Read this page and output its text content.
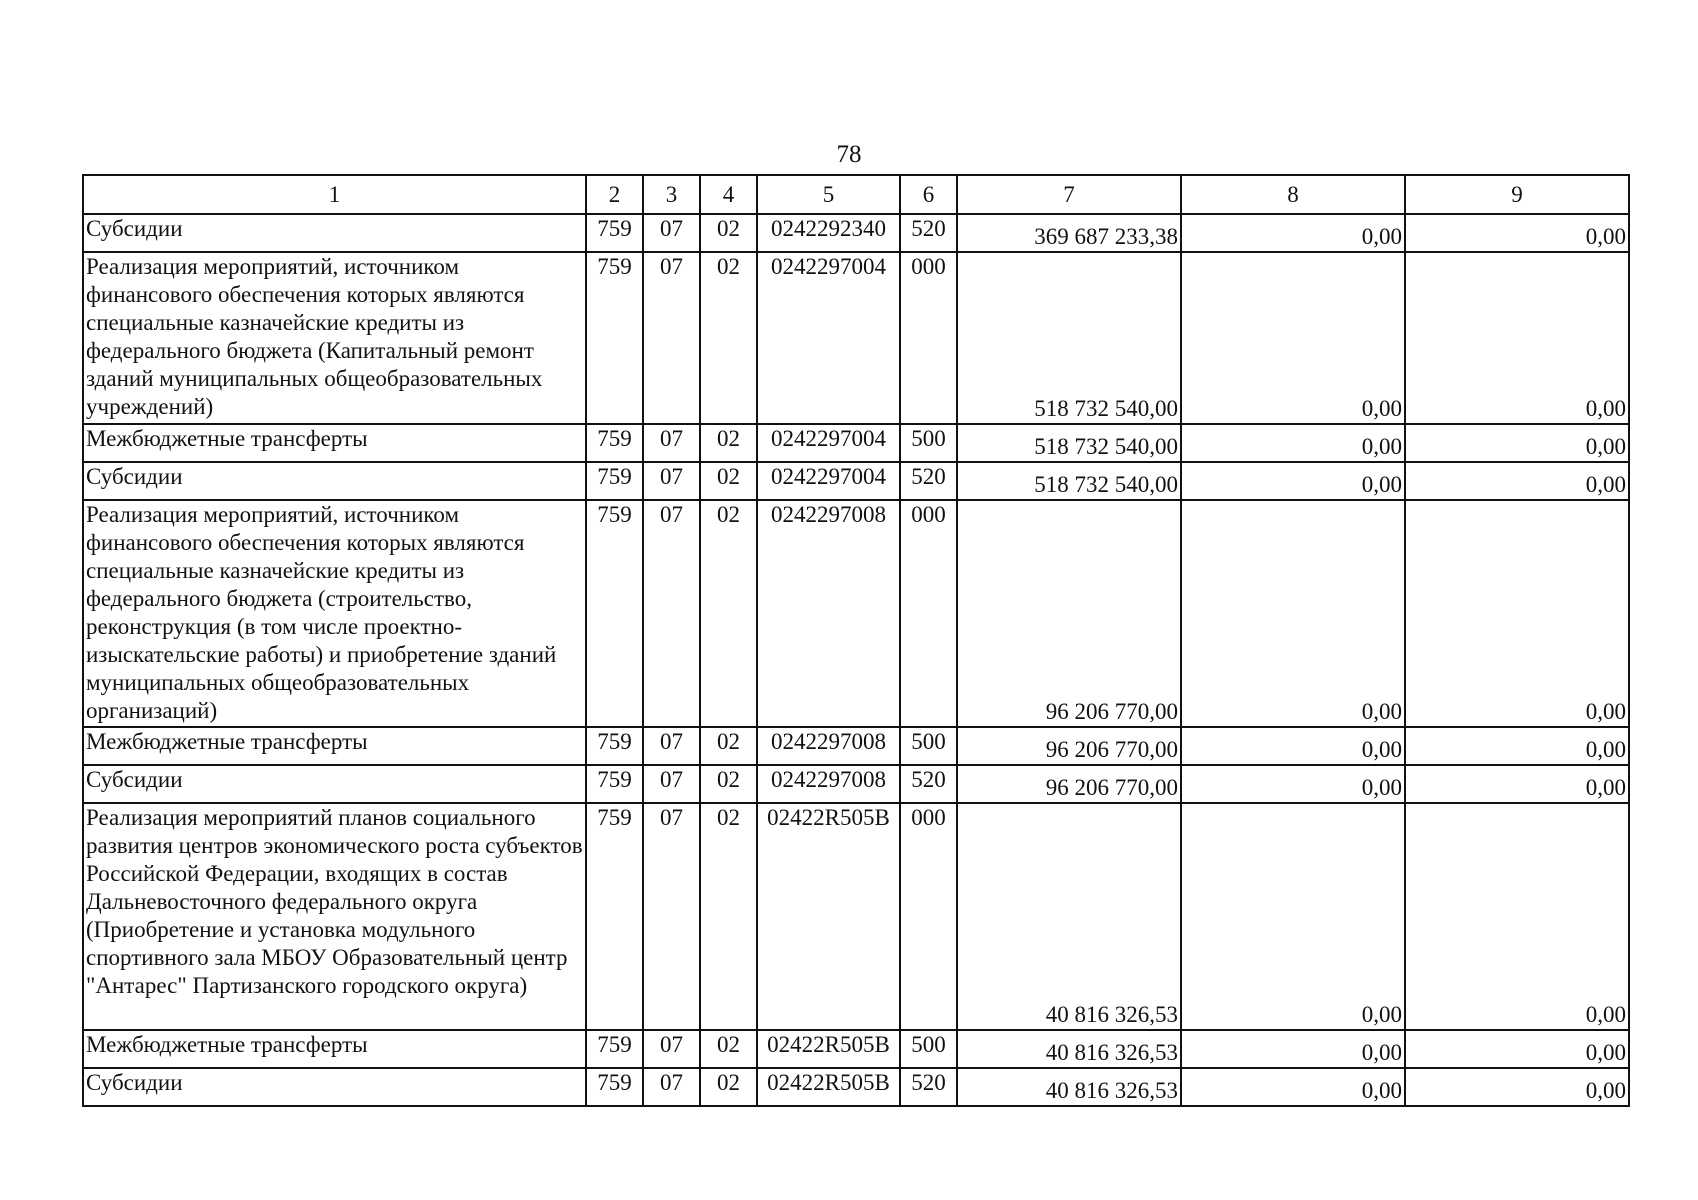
78
1	2	3	4	5	6	7	8	9
Субсидии	759	07	02	0242292340	520	369 687 233,38	0,00	0,00
Реализация мероприятий, источником финансового обеспечения которых являются специальные казначейские кредиты из федерального бюджета (Капитальный ремонт зданий муниципальных общеобразовательных учреждений)	759	07	02	0242297004	000	518 732 540,00	0,00	0,00
Межбюджетные трансферты	759	07	02	0242297004	500	518 732 540,00	0,00	0,00
Субсидии	759	07	02	0242297004	520	518 732 540,00	0,00	0,00
Реализация мероприятий, источником финансового обеспечения которых являются специальные казначейские кредиты из федерального бюджета (строительство, реконструкция (в том числе проектно-изыскательские работы) и приобретение зданий муниципальных общеобразовательных организаций)	759	07	02	0242297008	000	96 206 770,00	0,00	0,00
Межбюджетные трансферты	759	07	02	0242297008	500	96 206 770,00	0,00	0,00
Субсидии	759	07	02	0242297008	520	96 206 770,00	0,00	0,00
Реализация мероприятий планов социального развития центров экономического роста субъектов Российской Федерации, входящих в состав Дальневосточного федерального округа (Приобретение и установка модульного спортивного зала МБОУ Образовательный центр "Антарес" Партизанского городского округа)	759	07	02	02422R505B	000	40 816 326,53	0,00	0,00
Межбюджетные трансферты	759	07	02	02422R505B	500	40 816 326,53	0,00	0,00
Субсидии	759	07	02	02422R505B	520	40 816 326,53	0,00	0,00
